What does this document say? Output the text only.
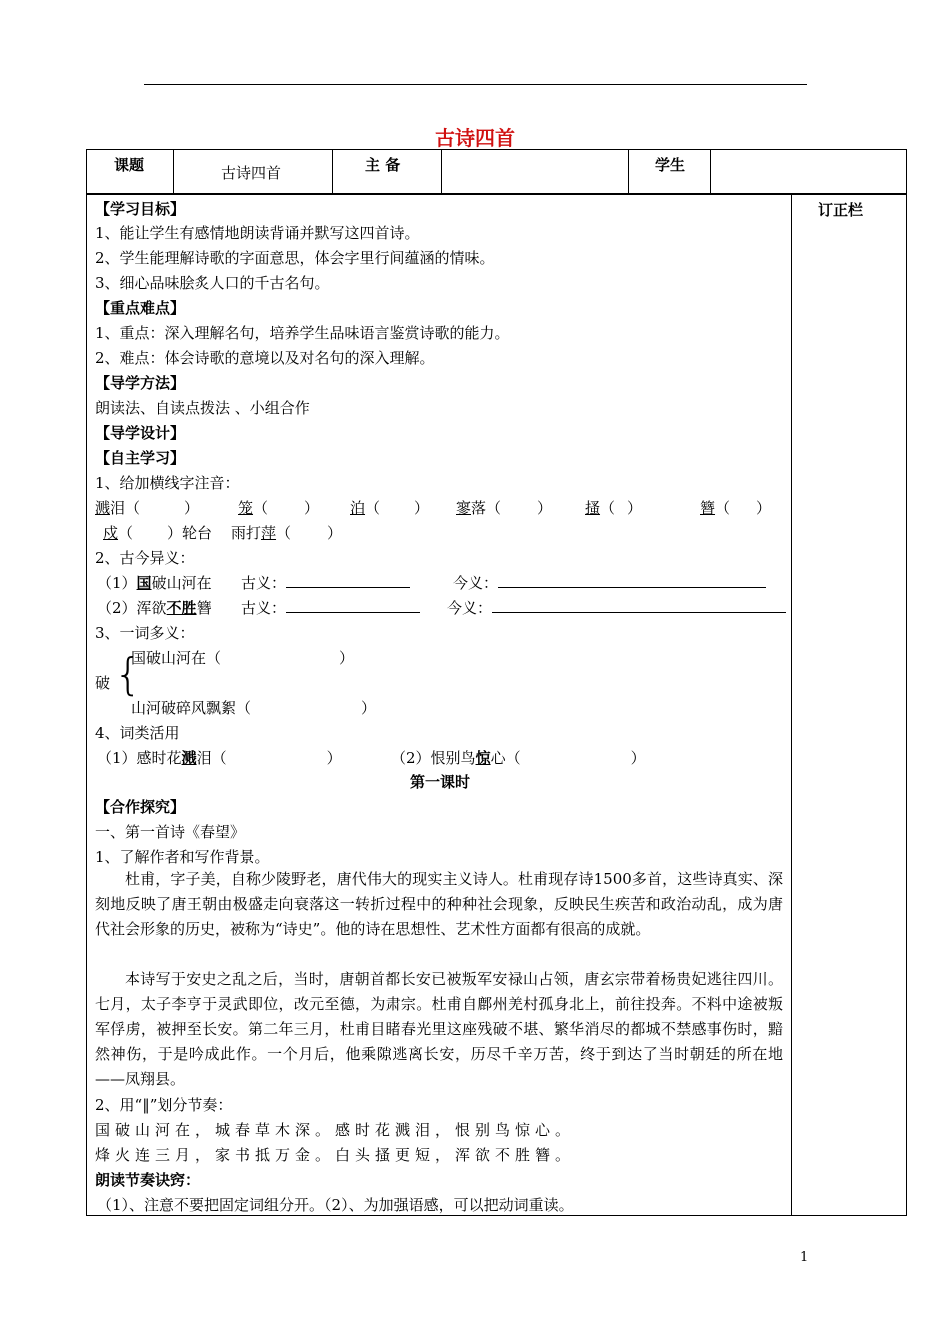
古诗四首
课题	古诗四首	主 备		学生	
订正栏
【学习目标】
1、能让学生有感情地朗读背诵并默写这四首诗。
2、学生能理解诗歌的字面意思，体会字里行间蕴涵的情味。
3、细心品味脍炙人口的千古名句。
【重点难点】
1、重点：深入理解名句，培养学生品味语言鉴赏诗歌的能力。
2、难点：体会诗歌的意境以及对名句的深入理解。
【导学方法】
朗读法、自读点拨法 、小组合作
【导学设计】
【自主学习】
1、给加横线字注音：
溅泪（	）	笼（ ）	泊（ ）	寥落（ ）	搔（ ）	簪（ ）
戍（ ）轮台 雨打萍（ ）
2、古今异义：
（1）国破山河在 古义：	今义：
（2）浑欲不胜簪 古义：	今义：
3、一词多义：
国破山河在（	）
破 {
山河破碎风飘絮（	）
4、词类活用
（1）感时花溅泪（	）	（2）恨别鸟惊心（	）
第一课时
【合作探究】
一、第一首诗《春望》
1、了解作者和写作背景。
杜甫，字子美，自称少陵野老，唐代伟大的现实主义诗人。杜甫现存诗1500多首，这些诗真实、深刻地反映了唐王朝由极盛走向衰落这一转折过程中的种种社会现象，反映民生疾苦和政治动乱，成为唐代社会形象的历史，被称为“诗史”。他的诗在思想性、艺术性方面都有很高的成就。
本诗写于安史之乱之后，当时，唐朝首都长安已被叛军安禄山占领，唐玄宗带着杨贵妃逃往四川。七月，太子李亨于灵武即位，改元至德，为肃宗。杜甫自鄜州羌村孤身北上，前往投奔。不料中途被叛军俘虏，被押至长安。第二年三月，杜甫目睹春光里这座残破不堪、繁华消尽的都城不禁感事伤时，黯然神伤，于是吟成此作。一个月后，他乘隙逃离长安，历尽千辛万苦，终于到达了当时朝廷的所在地——凤翔县。
2、用“‖”划分节奏：
国破山河在，城春草木深。感时花溅泪，恨别鸟惊心。
烽火连三月，家书抵万金。白头搔更短，浑欲不胜簪。
朗读节奏诀窍：
（1）、注意不要把固定词组分开。（2）、为加强语感，可以把动词重读。
1
